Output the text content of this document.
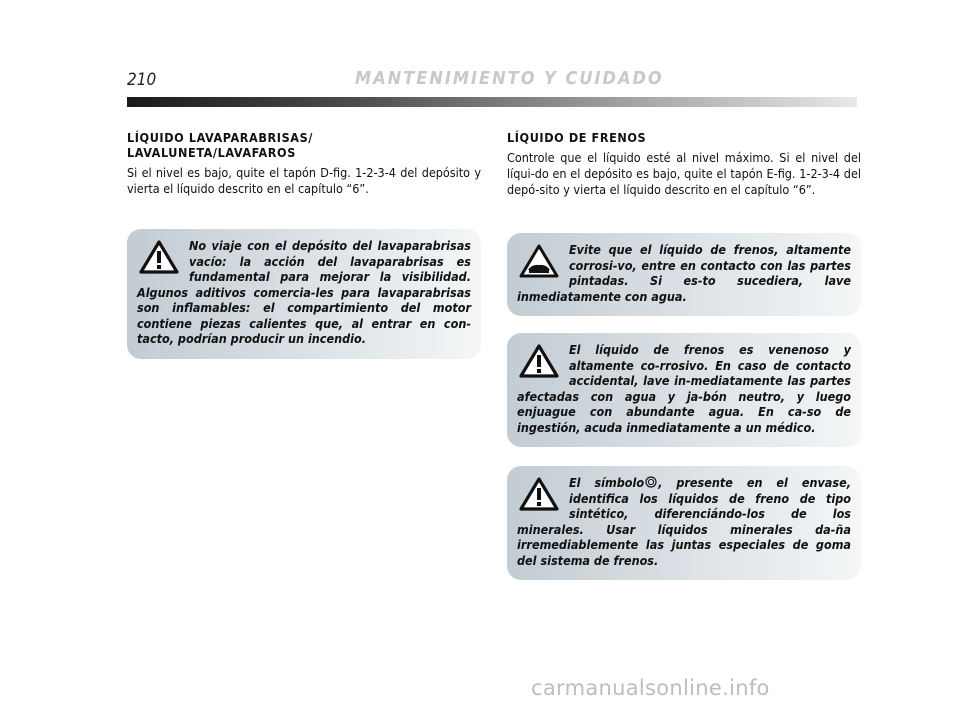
210	MANTENIMIENTO Y CUIDADO
LÍQUIDO LAVAPARABRISAS/ LAVALUNETA/LAVAFAROS

Si el nivel es bajo, quite el tapón D-fig. 1-2-3-4 del depósito y vierta el líquido descrito en el capítulo “6”.

No viaje con el depósito del lavaparabrisas vacío: la acción del lavaparabrisas es fundamental para mejorar la visibilidad. Algunos aditivos comercia-les para lavaparabrisas son inflamables: el compartimiento del motor contiene piezas calientes que, al entrar en con-tacto, podrían producir un incendio.

LÍQUIDO DE FRENOS

Controle que el líquido esté al nivel máximo. Si el nivel del líqui-do en el depósito es bajo, quite el tapón E-fig. 1-2-3-4 del depó-sito y vierta el líquido descrito en el capítulo “6”.

Evite que el líquido de frenos, altamente corrosi-vo, entre en contacto con las partes pintadas. Si es-to sucediera, lave inmediatamente con agua.

El líquido de frenos es venenoso y altamente co-rrosivo. En caso de contacto accidental, lave in-mediatamente las partes afectadas con agua y ja-bón neutro, y luego enjuague con abundante agua. En ca-so de ingestión, acuda inmediatamente a un médico.

El símbolo , presente en el envase, identifica los líquidos de freno de tipo sintético, diferenciándo-los de los minerales. Usar líquidos minerales da-ña irremediablemente las juntas especiales de goma del sistema de frenos.

carmanualsonline.info
